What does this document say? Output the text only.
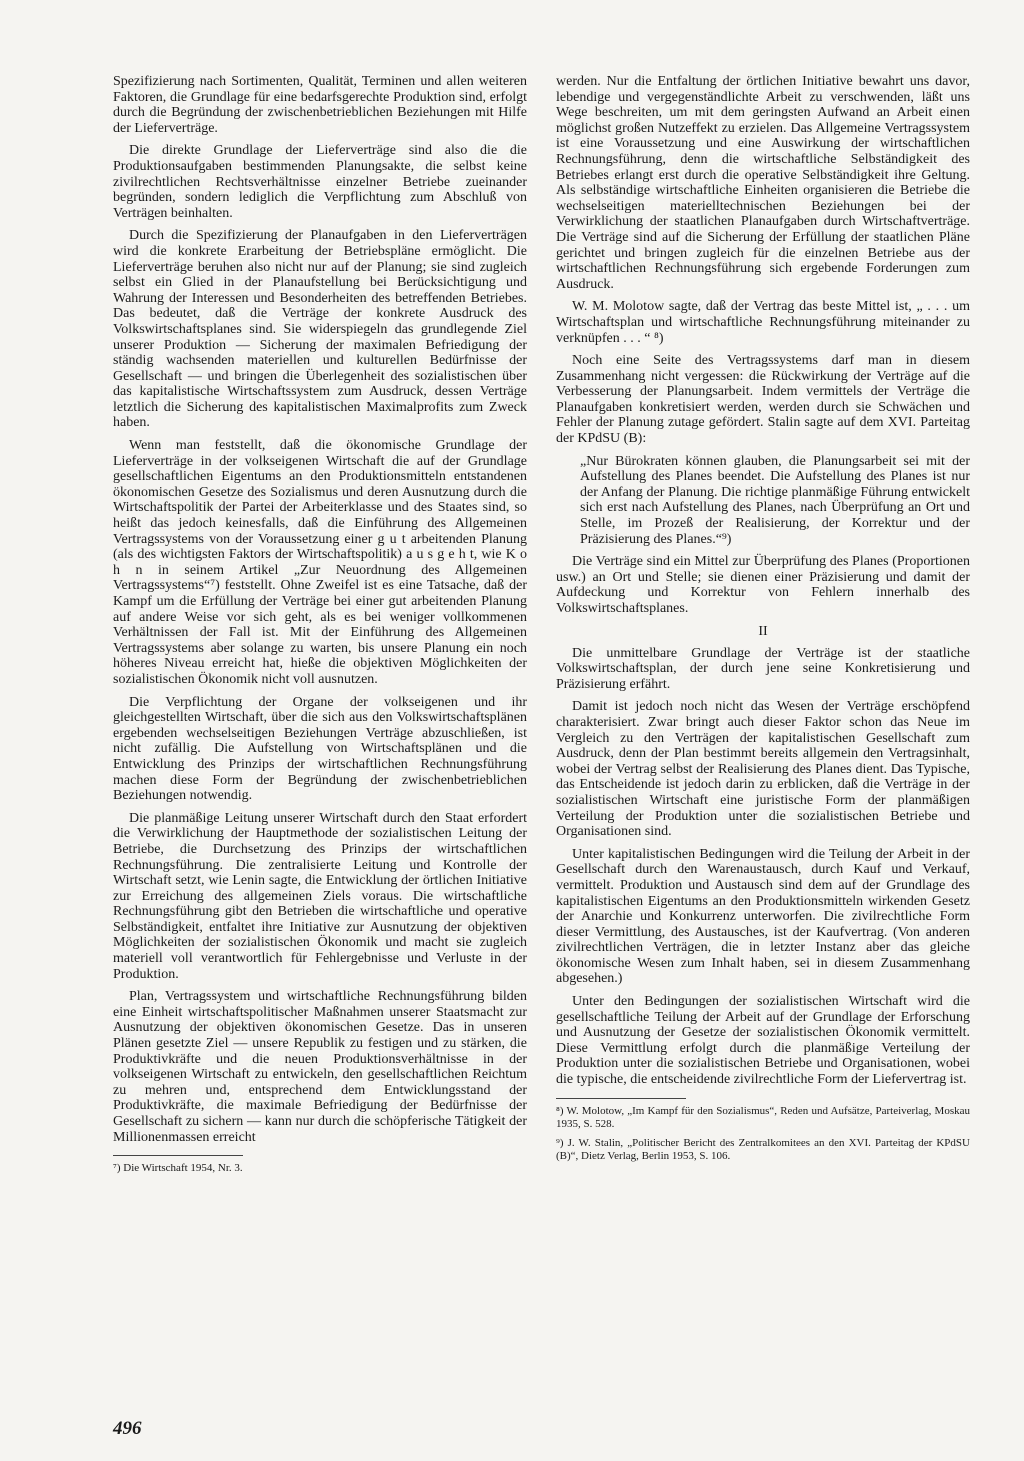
Spezifizierung nach Sortimenten, Qualität, Terminen und allen weiteren Faktoren, die Grundlage für eine bedarfsgerechte Produktion sind, erfolgt durch die Begründung der zwischenbetrieblichen Beziehungen mit Hilfe der Lieferverträge.

Die direkte Grundlage der Lieferverträge sind also die die Produktionsaufgaben bestimmenden Planungsakte, die selbst keine zivilrechtlichen Rechtsverhältnisse einzelner Betriebe zueinander begründen, sondern lediglich die Verpflichtung zum Abschluß von Verträgen beinhalten.

Durch die Spezifizierung der Planaufgaben in den Lieferverträgen wird die konkrete Erarbeitung der Betriebspläne ermöglicht. Die Lieferverträge beruhen also nicht nur auf der Planung; sie sind zugleich selbst ein Glied in der Planaufstellung bei Berücksichtigung und Wahrung der Interessen und Besonderheiten des betreffenden Betriebes. Das bedeutet, daß die Verträge der konkrete Ausdruck des Volkswirtschaftsplanes sind. Sie widerspiegeln das grundlegende Ziel unserer Produktion — Sicherung der maximalen Befriedigung der ständig wachsenden materiellen und kulturellen Bedürfnisse der Gesellschaft — und bringen die Überlegenheit des sozialistischen über das kapitalistische Wirtschaftssystem zum Ausdruck, dessen Verträge letztlich die Sicherung des kapitalistischen Maximalprofits zum Zweck haben.

Wenn man feststellt, daß die ökonomische Grundlage der Lieferverträge in der volkseigenen Wirtschaft die auf der Grundlage gesellschaftlichen Eigentums an den Produktionsmitteln entstandenen ökonomischen Gesetze des Sozialismus und deren Ausnutzung durch die Wirtschaftspolitik der Partei der Arbeiterklasse und des Staates sind, so heißt das jedoch keinesfalls, daß die Einführung des Allgemeinen Vertragssystems von der Voraussetzung einer g u t arbeitenden Planung (als des wichtigsten Faktors der Wirtschaftspolitik) a u s g e h t, wie K o h n in seinem Artikel „Zur Neuordnung des Allgemeinen Vertragssystems“⁷) feststellt. Ohne Zweifel ist es eine Tatsache, daß der Kampf um die Erfüllung der Verträge bei einer gut arbeitenden Planung auf andere Weise vor sich geht, als es bei weniger vollkommenen Verhältnissen der Fall ist. Mit der Einführung des Allgemeinen Vertragssystems aber solange zu warten, bis unsere Planung ein noch höheres Niveau erreicht hat, hieße die objektiven Möglichkeiten der sozialistischen Ökonomik nicht voll ausnutzen.

Die Verpflichtung der Organe der volkseigenen und ihr gleichgestellten Wirtschaft, über die sich aus den Volkswirtschaftsplänen ergebenden wechselseitigen Beziehungen Verträge abzuschließen, ist nicht zufällig. Die Aufstellung von Wirtschaftsplänen und die Entwicklung des Prinzips der wirtschaftlichen Rechnungsführung machen diese Form der Begründung der zwischenbetrieblichen Beziehungen notwendig.

Die planmäßige Leitung unserer Wirtschaft durch den Staat erfordert die Verwirklichung der Hauptmethode der sozialistischen Leitung der Betriebe, die Durchsetzung des Prinzips der wirtschaftlichen Rechnungsführung. Die zentralisierte Leitung und Kontrolle der Wirtschaft setzt, wie Lenin sagte, die Entwicklung der örtlichen Initiative zur Erreichung des allgemeinen Ziels voraus. Die wirtschaftliche Rechnungsführung gibt den Betrieben die wirtschaftliche und operative Selbständigkeit, entfaltet ihre Initiative zur Ausnutzung der objektiven Möglichkeiten der sozialistischen Ökonomik und macht sie zugleich materiell voll verantwortlich für Fehlergebnisse und Verluste in der Produktion.

Plan, Vertragssystem und wirtschaftliche Rechnungsführung bilden eine Einheit wirtschaftspolitischer Maßnahmen unserer Staatsmacht zur Ausnutzung der objektiven ökonomischen Gesetze. Das in unseren Plänen gesetzte Ziel — unsere Republik zu festigen und zu stärken, die Produktivkräfte und die neuen Produktionsverhältnisse in der volkseigenen Wirtschaft zu entwickeln, den gesellschaftlichen Reichtum zu mehren und, entsprechend dem Entwicklungsstand der Produktivkräfte, die maximale Befriedigung der Bedürfnisse der Gesellschaft zu sichern — kann nur durch die schöpferische Tätigkeit der Millionenmassen erreicht

⁷) Die Wirtschaft 1954, Nr. 3.

werden. Nur die Entfaltung der örtlichen Initiative bewahrt uns davor, lebendige und vergegenständlichte Arbeit zu verschwenden, läßt uns Wege beschreiten, um mit dem geringsten Aufwand an Arbeit einen möglichst großen Nutzeffekt zu erzielen. Das Allgemeine Vertragssystem ist eine Voraussetzung und eine Auswirkung der wirtschaftlichen Rechnungsführung, denn die wirtschaftliche Selbständigkeit des Betriebes erlangt erst durch die operative Selbständigkeit ihre Geltung. Als selbständige wirtschaftliche Einheiten organisieren die Betriebe die wechselseitigen materielltechnischen Beziehungen bei der Verwirklichung der staatlichen Planaufgaben durch Wirtschaftverträge. Die Verträge sind auf die Sicherung der Erfüllung der staatlichen Pläne gerichtet und bringen zugleich für die einzelnen Betriebe aus der wirtschaftlichen Rechnungsführung sich ergebende Forderungen zum Ausdruck.

W. M. Molotow sagte, daß der Vertrag das beste Mittel ist, „ . . . um Wirtschaftsplan und wirtschaftliche Rechnungsführung miteinander zu verknüpfen . . . “ ⁸)

Noch eine Seite des Vertragssystems darf man in diesem Zusammenhang nicht vergessen: die Rückwirkung der Verträge auf die Verbesserung der Planungsarbeit. Indem vermittels der Verträge die Planaufgaben konkretisiert werden, werden durch sie Schwächen und Fehler der Planung zutage gefördert. Stalin sagte auf dem XVI. Parteitag der KPdSU (B):

„Nur Bürokraten können glauben, die Planungsarbeit sei mit der Aufstellung des Planes beendet. Die Aufstellung des Planes ist nur der Anfang der Planung. Die richtige planmäßige Führung entwickelt sich erst nach Aufstellung des Planes, nach Überprüfung an Ort und Stelle, im Prozeß der Realisierung, der Korrektur und der Präzisierung des Planes.“⁹)

Die Verträge sind ein Mittel zur Überprüfung des Planes (Proportionen usw.) an Ort und Stelle; sie dienen einer Präzisierung und damit der Aufdeckung und Korrektur von Fehlern innerhalb des Volkswirtschaftsplanes.

II

Die unmittelbare Grundlage der Verträge ist der staatliche Volkswirtschaftsplan, der durch jene seine Konkretisierung und Präzisierung erfährt.

Damit ist jedoch noch nicht das Wesen der Verträge erschöpfend charakterisiert. Zwar bringt auch dieser Faktor schon das Neue im Vergleich zu den Verträgen der kapitalistischen Gesellschaft zum Ausdruck, denn der Plan bestimmt bereits allgemein den Vertragsinhalt, wobei der Vertrag selbst der Realisierung des Planes dient. Das Typische, das Entscheidende ist jedoch darin zu erblicken, daß die Verträge in der sozialistischen Wirtschaft eine juristische Form der planmäßigen Verteilung der Produktion unter die sozialistischen Betriebe und Organisationen sind.

Unter kapitalistischen Bedingungen wird die Teilung der Arbeit in der Gesellschaft durch den Warenaustausch, durch Kauf und Verkauf, vermittelt. Produktion und Austausch sind dem auf der Grundlage des kapitalistischen Eigentums an den Produktionsmitteln wirkenden Gesetz der Anarchie und Konkurrenz unterworfen. Die zivilrechtliche Form dieser Vermittlung, des Austausches, ist der Kaufvertrag. (Von anderen zivilrechtlichen Verträgen, die in letzter Instanz aber das gleiche ökonomische Wesen zum Inhalt haben, sei in diesem Zusammenhang abgesehen.)

Unter den Bedingungen der sozialistischen Wirtschaft wird die gesellschaftliche Teilung der Arbeit auf der Grundlage der Erforschung und Ausnutzung der Gesetze der sozialistischen Ökonomik vermittelt. Diese Vermittlung erfolgt durch die planmäßige Verteilung der Produktion unter die sozialistischen Betriebe und Organisationen, wobei die typische, die entscheidende zivilrechtliche Form der Liefervertrag ist.

⁸) W. Molotow, „Im Kampf für den Sozialismus“, Reden und Aufsätze, Parteiverlag, Moskau 1935, S. 528.
⁹) J. W. Stalin, „Politischer Bericht des Zentralkomitees an den XVI. Parteitag der KPdSU (B)“, Dietz Verlag, Berlin 1953, S. 106.
496
